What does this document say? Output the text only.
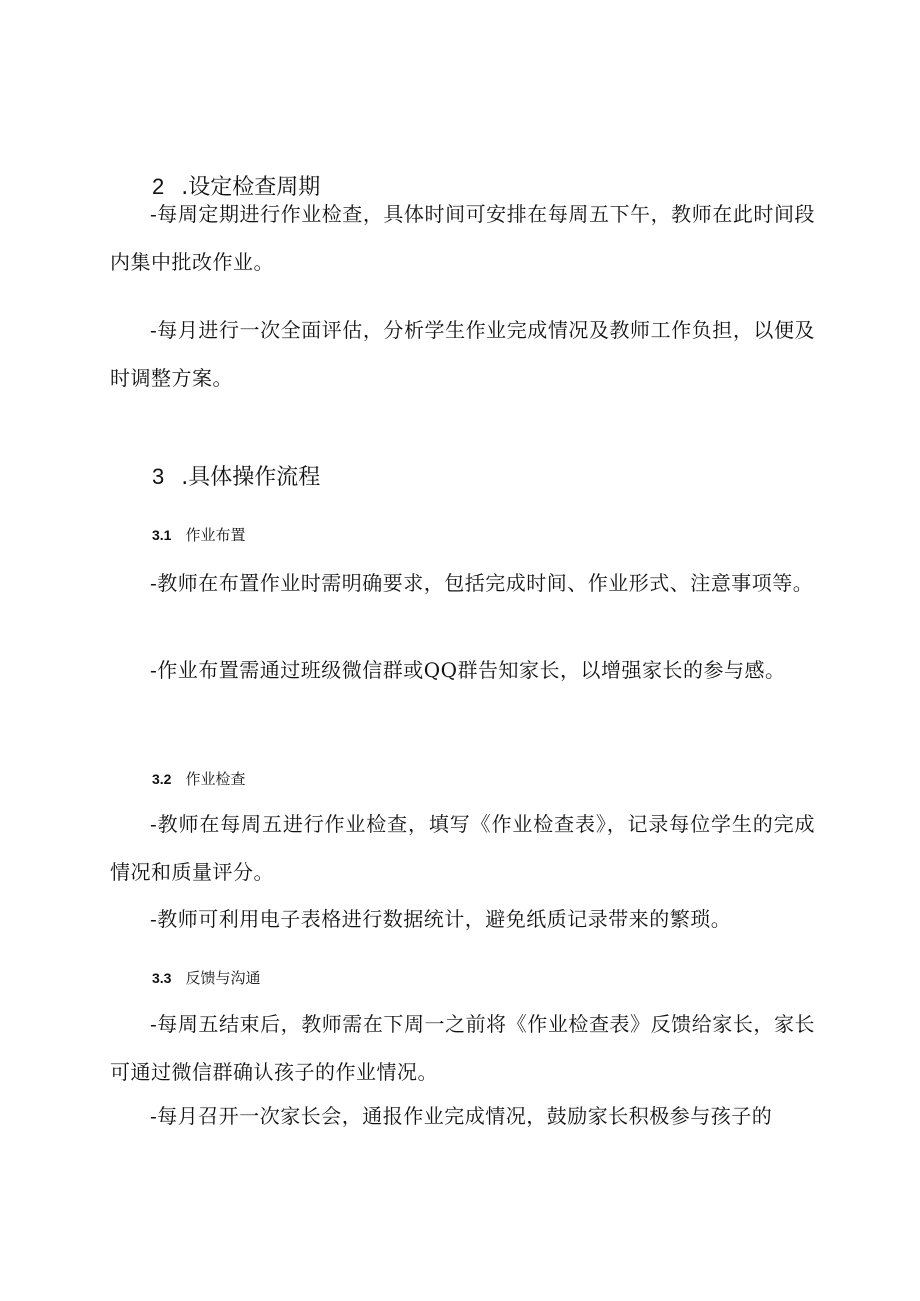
2 .设定检查周期

-每周定期进行作业检查，具体时间可安排在每周五下午，教师在此时间段内集中批改作业。

-每月进行一次全面评估，分析学生作业完成情况及教师工作负担，以便及时调整方案。

3 .具体操作流程
3.1 作业布置

-教师在布置作业时需明确要求，包括完成时间、作业形式、注意事项等。

-作业布置需通过班级微信群或QQ群告知家长，以增强家长的参与感。

3.2 作业检查

-教师在每周五进行作业检查，填写《作业检查表》，记录每位学生的完成情况和质量评分。

-教师可利用电子表格进行数据统计，避免纸质记录带来的繁琐。

3.3 反馈与沟通

-每周五结束后，教师需在下周一之前将《作业检查表》反馈给家长，家长可通过微信群确认孩子的作业情况。

-每月召开一次家长会，通报作业完成情况，鼓励家长积极参与孩子的
